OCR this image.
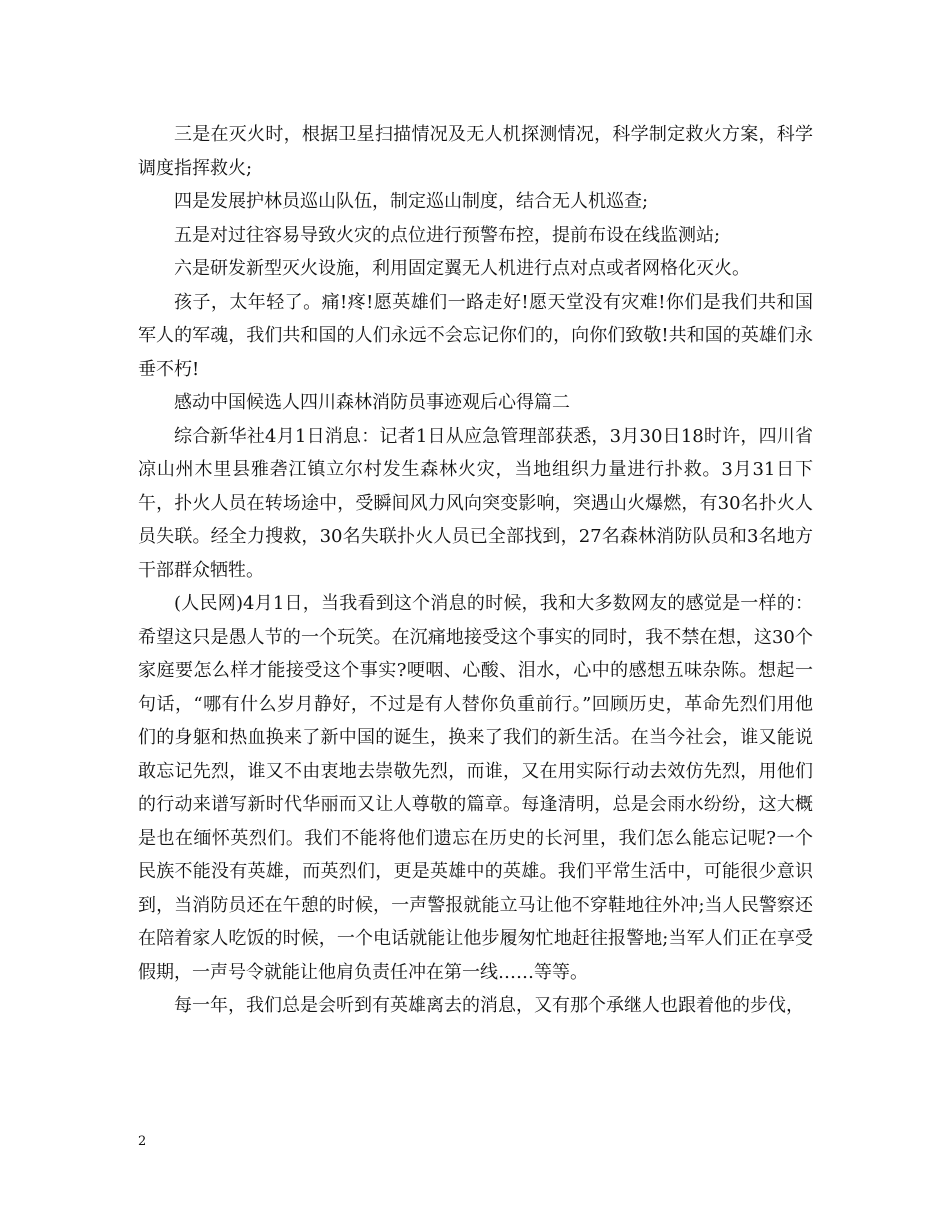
三是在灭火时，根据卫星扫描情况及无人机探测情况，科学制定救火方案，科学调度指挥救火;

四是发展护林员巡山队伍，制定巡山制度，结合无人机巡查;

五是对过往容易导致火灾的点位进行预警布控，提前布设在线监测站;

六是研发新型灭火设施，利用固定翼无人机进行点对点或者网格化灭火。

孩子，太年轻了。痛!疼!愿英雄们一路走好!愿天堂没有灾难!你们是我们共和国军人的军魂，我们共和国的人们永远不会忘记你们的，向你们致敬!共和国的英雄们永垂不朽!

感动中国候选人四川森林消防员事迹观后心得篇二

综合新华社4月1日消息：记者1日从应急管理部获悉，3月30日18时许，四川省凉山州木里县雅砻江镇立尔村发生森林火灾，当地组织力量进行扑救。3月31日下午，扑火人员在转场途中，受瞬间风力风向突变影响，突遇山火爆燃，有30名扑火人员失联。经全力搜救，30名失联扑火人员已全部找到，27名森林消防队员和3名地方干部群众牺牲。

(人民网)4月1日，当我看到这个消息的时候，我和大多数网友的感觉是一样的：希望这只是愚人节的一个玩笑。在沉痛地接受这个事实的同时，我不禁在想，这30个家庭要怎么样才能接受这个事实?哽咽、心酸、泪水，心中的感想五味杂陈。想起一句话，“哪有什么岁月静好，不过是有人替你负重前行。”回顾历史，革命先烈们用他们的身躯和热血换来了新中国的诞生，换来了我们的新生活。在当今社会，谁又能说敢忘记先烈，谁又不由衷地去崇敬先烈，而谁，又在用实际行动去效仿先烈，用他们的行动来谱写新时代华丽而又让人尊敬的篇章。每逢清明，总是会雨水纷纷，这大概是也在缅怀英烈们。我们不能将他们遗忘在历史的长河里，我们怎么能忘记呢?一个民族不能没有英雄，而英烈们，更是英雄中的英雄。我们平常生活中，可能很少意识到，当消防员还在午憩的时候，一声警报就能立马让他不穿鞋地往外冲;当人民警察还在陪着家人吃饭的时候，一个电话就能让他步履匆忙地赶往报警地;当军人们正在享受假期，一声号令就能让他肩负责任冲在第一线……等等。

每一年，我们总是会听到有英雄离去的消息，又有那个承继人也跟着他的步伐，

2
